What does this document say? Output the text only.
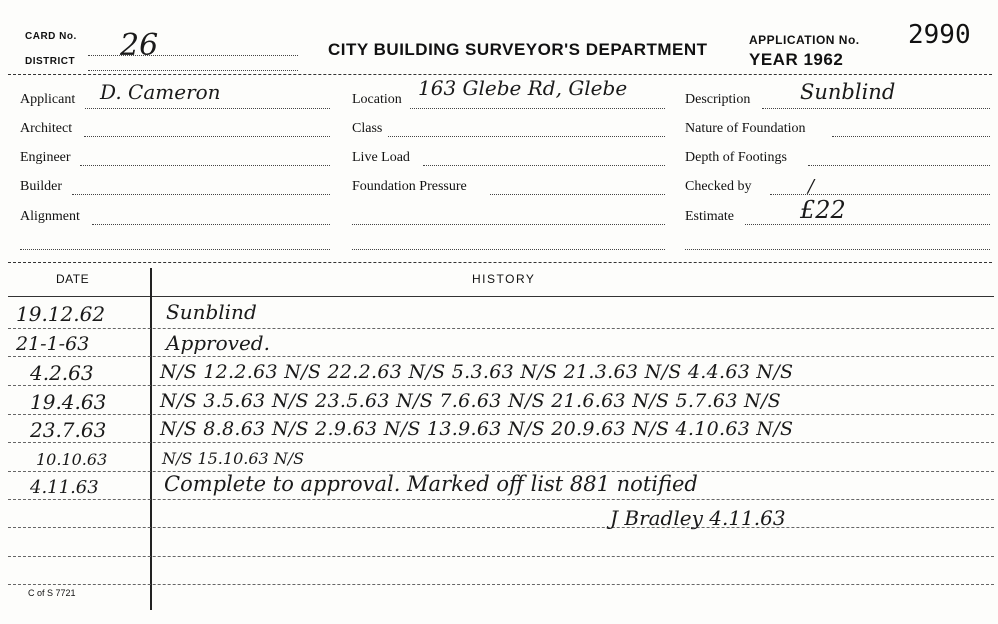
CARD No.
DISTRICT 26	CITY BUILDING SURVEYOR'S DEPARTMENT	APPLICATION No. 2990
YEAR 1962
Applicant D. Cameron
Architect
Engineer
Builder
Alignment
Location 163 Glebe Rd, Glebe
Class
Live Load
Foundation Pressure
Description Sunblind
Nature of Foundation
Depth of Footings
Checked by	/
Estimate	£22
DATE	HISTORY
19.12.62	Sunblind
21-1-63	Approved.
4.2.63	N/S 12.2.63 N/S 22.2.63 N/S 5.3.63 N/S 21.3.63 N/S 4.4.63 N/S
19.4.63	N/S 3.5.63 N/S 23.5.63 N/S 7.6.63 N/S 21.6.63 N/S 5.7.63 N/S
23.7.63	N/S 8.8.63 N/S 2.9.63 N/S 13.9.63 N/S 20.9.63 N/S 4.10.63 N/S
10.10.63	N/S 15.10.63 N/S
4.11.63	Complete to approval. Marked off list 881 notified
J Bradley 4.11.63
C of S 7721
